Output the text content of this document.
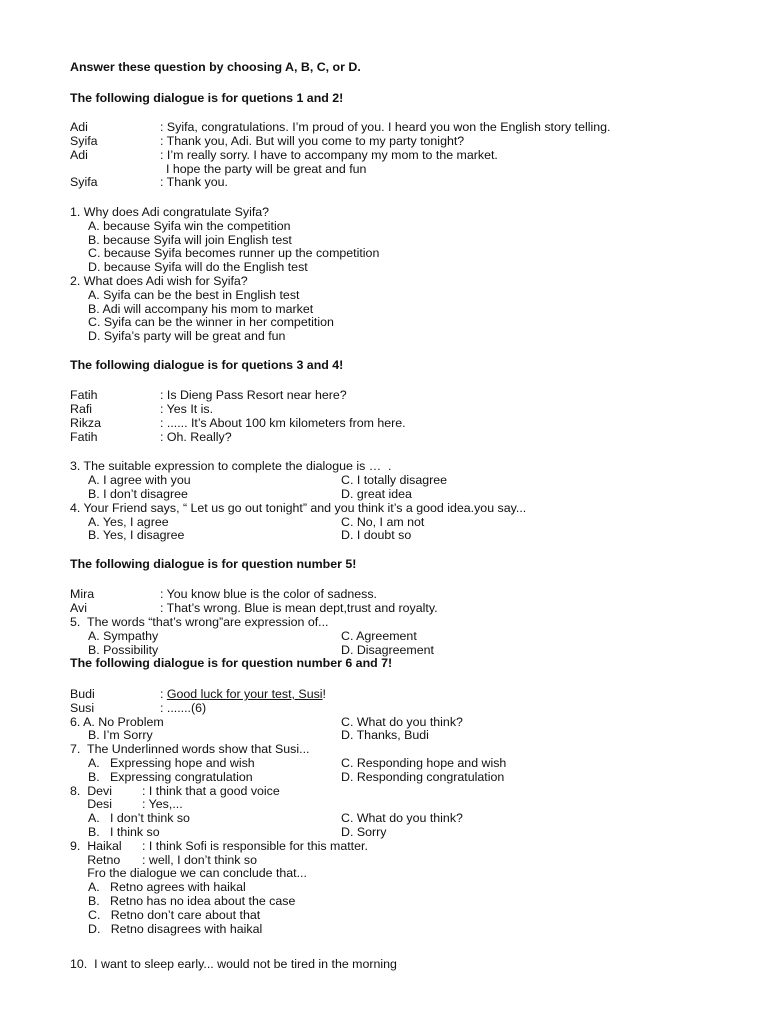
Answer these question by choosing A, B, C, or D.
The following dialogue is for quetions 1 and 2!
Adi	: Syifa, congratulations. I’m proud of you. I heard you won the English story telling.
Syifa	: Thank you, Adi. But will you come to my party tonight?
Adi	: I’m really sorry. I have to accompany my mom to the market.
I hope the party will be great and fun
Syifa	: Thank you.
1. Why does Adi congratulate Syifa?
A. because Syifa win the competition
B. because Syifa will join English test
C. because Syifa becomes runner up the competition
D. because Syifa will do the English test
2. What does Adi wish for Syifa?
A. Syifa can be the best in English test
B. Adi will accompany his mom to market
C. Syifa can be the winner in her competition
D. Syifa’s party will be great and fun
The following dialogue is for quetions 3 and 4!
Fatih	: Is Dieng Pass Resort near here?
Rafi	: Yes It is.
Rikza	: ...... It’s About 100 km kilometers from here.
Fatih	: Oh. Really?
3. The suitable expression to complete the dialogue is …  .
A. I agree with you	C. I totally disagree
B. I don’t disagree	D. great idea
4. Your Friend says, “ Let us go out tonight” and you think it’s a good idea.you say...
A. Yes, I agree	C. No, I am not
B. Yes, I disagree	D. I doubt so
The following dialogue is for question number 5!
Mira	: You know blue is the color of sadness.
Avi	: That’s wrong. Blue is mean dept,trust and royalty.
5.  The words “that’s wrong”are expression of...
A. Sympathy	C. Agreement
B. Possibility	D. Disagreement
The following dialogue is for question number 6 and 7!
Budi	: Good luck for your test, Susi!
Susi	: .......(6)
6. A. No Problem	C. What do you think?
B. I’m Sorry	D. Thanks, Budi
7.  The Underlinned words show that Susi...
A.   Expressing hope and wish	C. Responding hope and wish
B.   Expressing congratulation	D. Responding congratulation
8.  Devi	: I think that a good voice
Desi	: Yes,...
A.   I don’t think so	C. What do you think?
B.   I think so	D. Sorry
9.  Haikal	: I think Sofi is responsible for this matter.
Retno	: well, I don’t think so
Fro the dialogue we can conclude that...
A.   Retno agrees with haikal
B.   Retno has no idea about the case
C.   Retno don’t care about that
D.   Retno disagrees with haikal
10.  I want to sleep early... would not be tired in the morning
